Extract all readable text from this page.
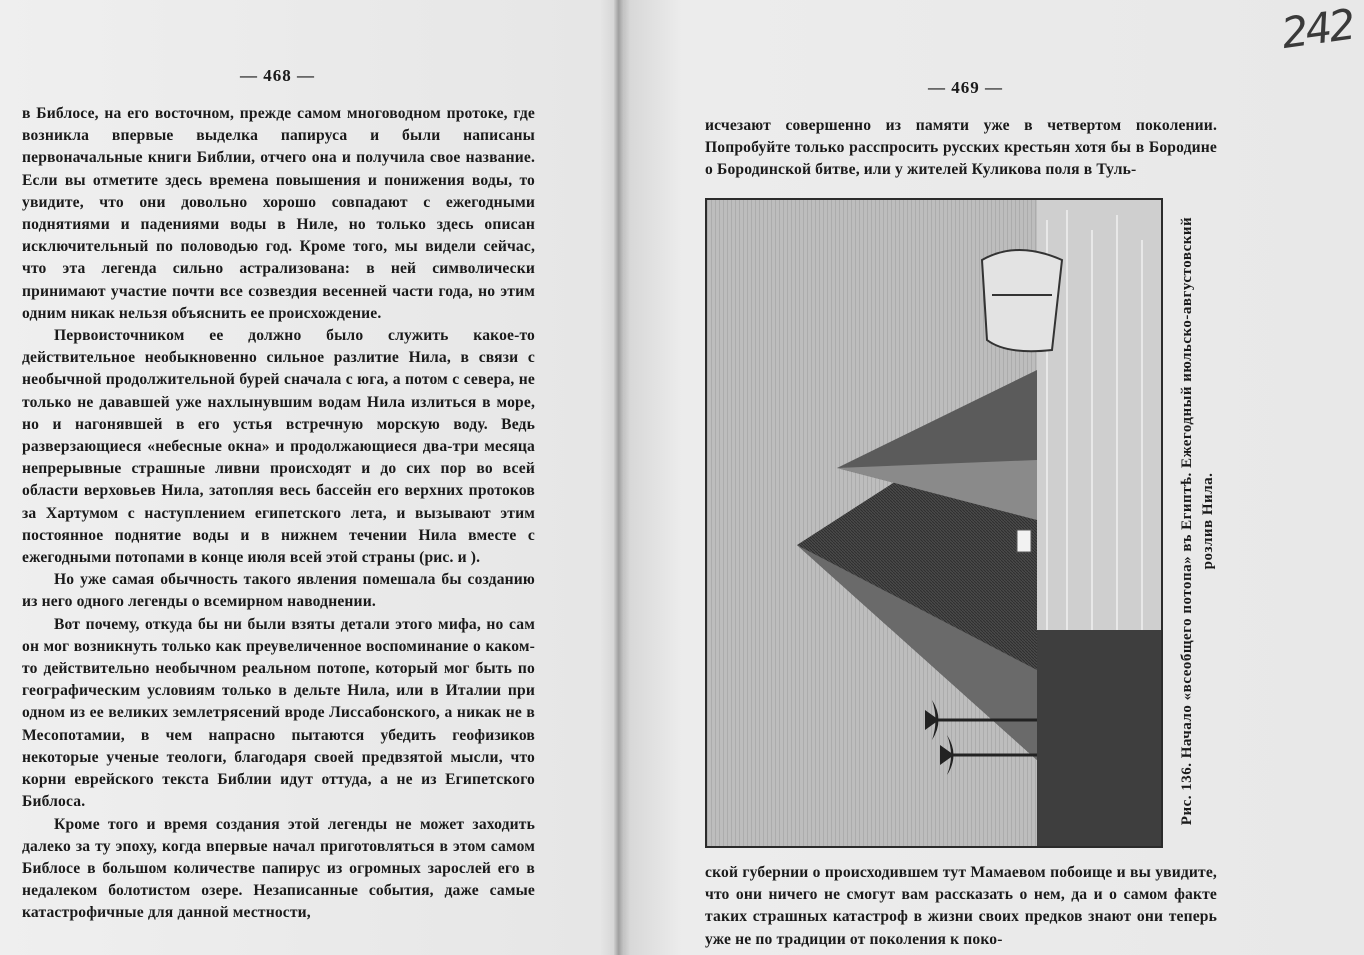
— 468 —

в Библосе, на его восточном, прежде самом многоводном протоке, где возникла впервые выделка папируса и были написаны первоначальные книги Библии, отчего она и получила свое название. Если вы отметите здесь времена повышения и понижения воды, то увидите, что они довольно хорошо совпадают с ежегодными поднятиями и падениями воды в Ниле, но только здесь описан исключительный по половодью год. Кроме того, мы видели сейчас, что эта легенда сильно астрализована: в ней символически принимают участие почти все созвездия весенней части года, но этим одним никак нельзя объяснить ее происхождение.

Первоисточником ее должно было служить какое-то действительное необыкновенно сильное разлитие Нила, в связи с необычной продолжительной бурей сначала с юга, а потом с севера, не только не дававшей уже нахлынувшим водам Нила излиться в море, но и нагонявшей в его устья встречную морскую воду. Ведь разверзающиеся «небесные окна» и продолжающиеся два-три месяца непрерывные страшные ливни происходят и до сих пор во всей области верховьев Нила, затопляя весь бассейн его верхних протоков за Хартумом с наступлением египетского лета, и вызывают этим постоянное поднятие воды и в нижнем течении Нила вместе с ежегодными потопами в конце июля всей этой страны (рис. и ).

Но уже самая обычность такого явления помешала бы созданию из него одного легенды о всемирном наводнении.

Вот почему, откуда бы ни были взяты детали этого мифа, но сам он мог возникнуть только как преувеличенное воспоминание о каком-то действительно необычном реальном потопе, который мог быть по географическим условиям только в дельте Нила, или в Италии при одном из ее великих землетрясений вроде Лиссабонского, а никак не в Месопотамии, в чем напрасно пытаются убедить геофизиков некоторые ученые теологи, благодаря своей предвзятой мысли, что корни еврейского текста Библии идут оттуда, а не из Египетского Библоса.

Кроме того и время создания этой легенды не может заходить далеко за ту эпоху, когда впервые начал приготовляться в этом самом Библосе в большом количестве папирус из огромных зарослей его в недалеком болотистом озере. Незаписанные события, даже самые катастрофичные для данной местности,

— 469 —
242
исчезают совершенно из памяти уже в четвертом поколении. Попробуйте только расспросить русских крестьян хотя бы в Бородине о Бородинской битве, или у жителей Куликова поля в Туль-
Рис. 136. Начало «всеобщего потопа» въ Египтѣ. Ежегодный июльско-августовский розлив Нила.
ской губернии о происходившем тут Мамаевом побоище и вы увидите, что они ничего не смогут вам рассказать о нем, да и о самом факте таких страшных катастроф в жизни своих предков знают они теперь уже не по традиции от поколения к поко-
